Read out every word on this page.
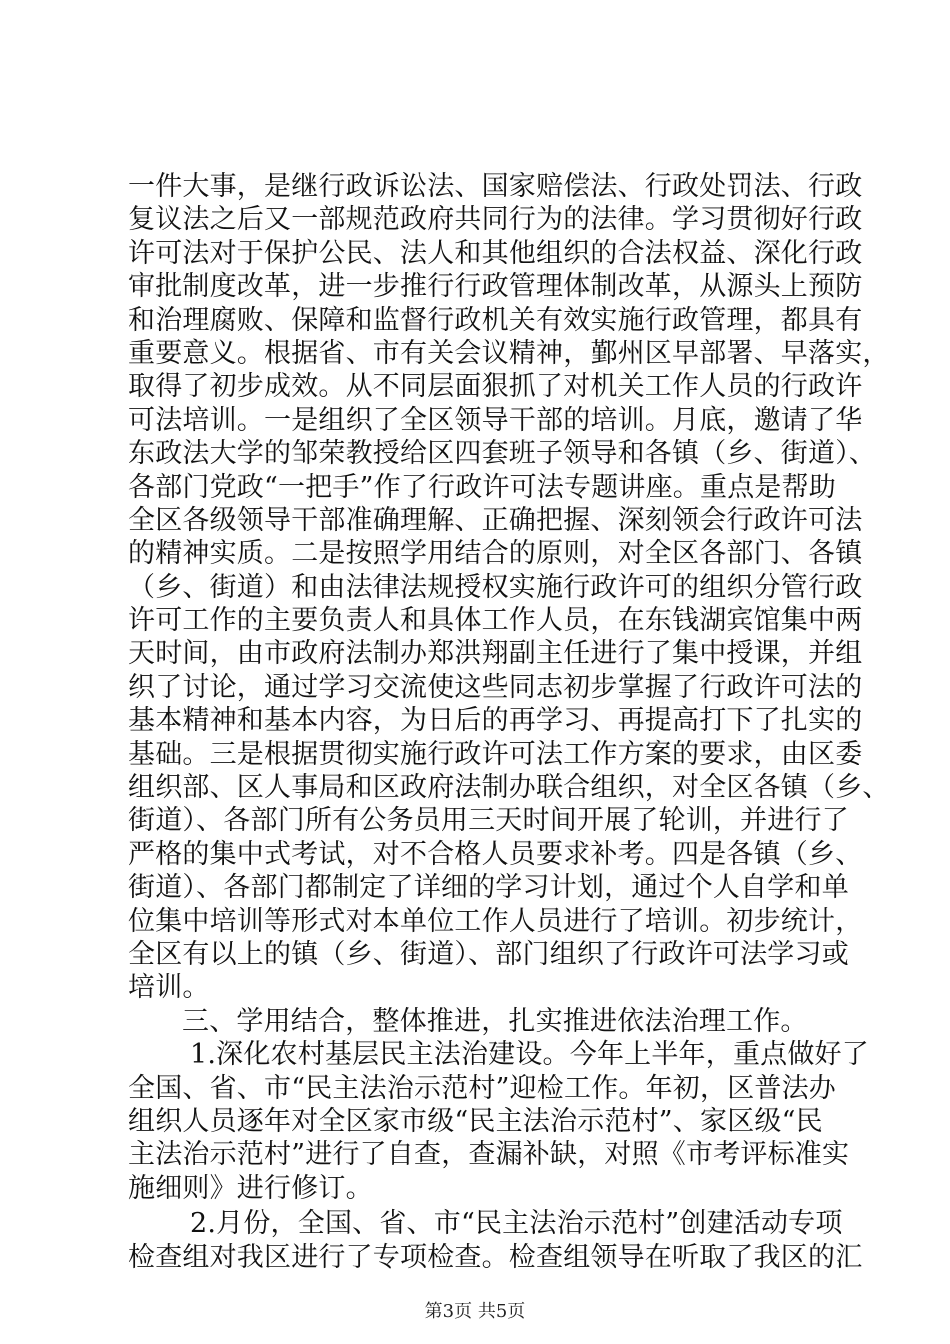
一件大事，是继行政诉讼法、国家赔偿法、行政处罚法、行政
复议法之后又一部规范政府共同行为的法律。学习贯彻好行政
许可法对于保护公民、法人和其他组织的合法权益、深化行政
审批制度改革，进一步推行行政管理体制改革，从源头上预防
和治理腐败、保障和监督行政机关有效实施行政管理，都具有
重要意义。根据省、市有关会议精神，鄞州区早部署、早落实，
取得了初步成效。从不同层面狠抓了对机关工作人员的行政许
可法培训。一是组织了全区领导干部的培训。月底，邀请了华
东政法大学的邹荣教授给区四套班子领导和各镇（乡、街道）、
各部门党政“一把手”作了行政许可法专题讲座。重点是帮助
全区各级领导干部准确理解、正确把握、深刻领会行政许可法
的精神实质。二是按照学用结合的原则，对全区各部门、各镇
（乡、街道）和由法律法规授权实施行政许可的组织分管行政
许可工作的主要负责人和具体工作人员，在东钱湖宾馆集中两
天时间，由市政府法制办郑洪翔副主任进行了集中授课，并组
织了讨论，通过学习交流使这些同志初步掌握了行政许可法的
基本精神和基本内容，为日后的再学习、再提高打下了扎实的
基础。三是根据贯彻实施行政许可法工作方案的要求，由区委
组织部、区人事局和区政府法制办联合组织，对全区各镇（乡、
街道）、各部门所有公务员用三天时间开展了轮训，并进行了
严格的集中式考试，对不合格人员要求补考。四是各镇（乡、
街道）、各部门都制定了详细的学习计划，通过个人自学和单
位集中培训等形式对本单位工作人员进行了培训。初步统计，
全区有以上的镇（乡、街道）、部门组织了行政许可法学习或
培训。
三、学用结合，整体推进，扎实推进依法治理工作。
1.深化农村基层民主法治建设。今年上半年，重点做好了
全国、省、市“民主法治示范村”迎检工作。年初，区普法办
组织人员逐年对全区家市级“民主法治示范村”、家区级“民
主法治示范村”进行了自查，查漏补缺，对照《市考评标准实
施细则》进行修订。
2.月份，全国、省、市“民主法治示范村”创建活动专项
检查组对我区进行了专项检查。检查组领导在听取了我区的汇
第3页 共5页
